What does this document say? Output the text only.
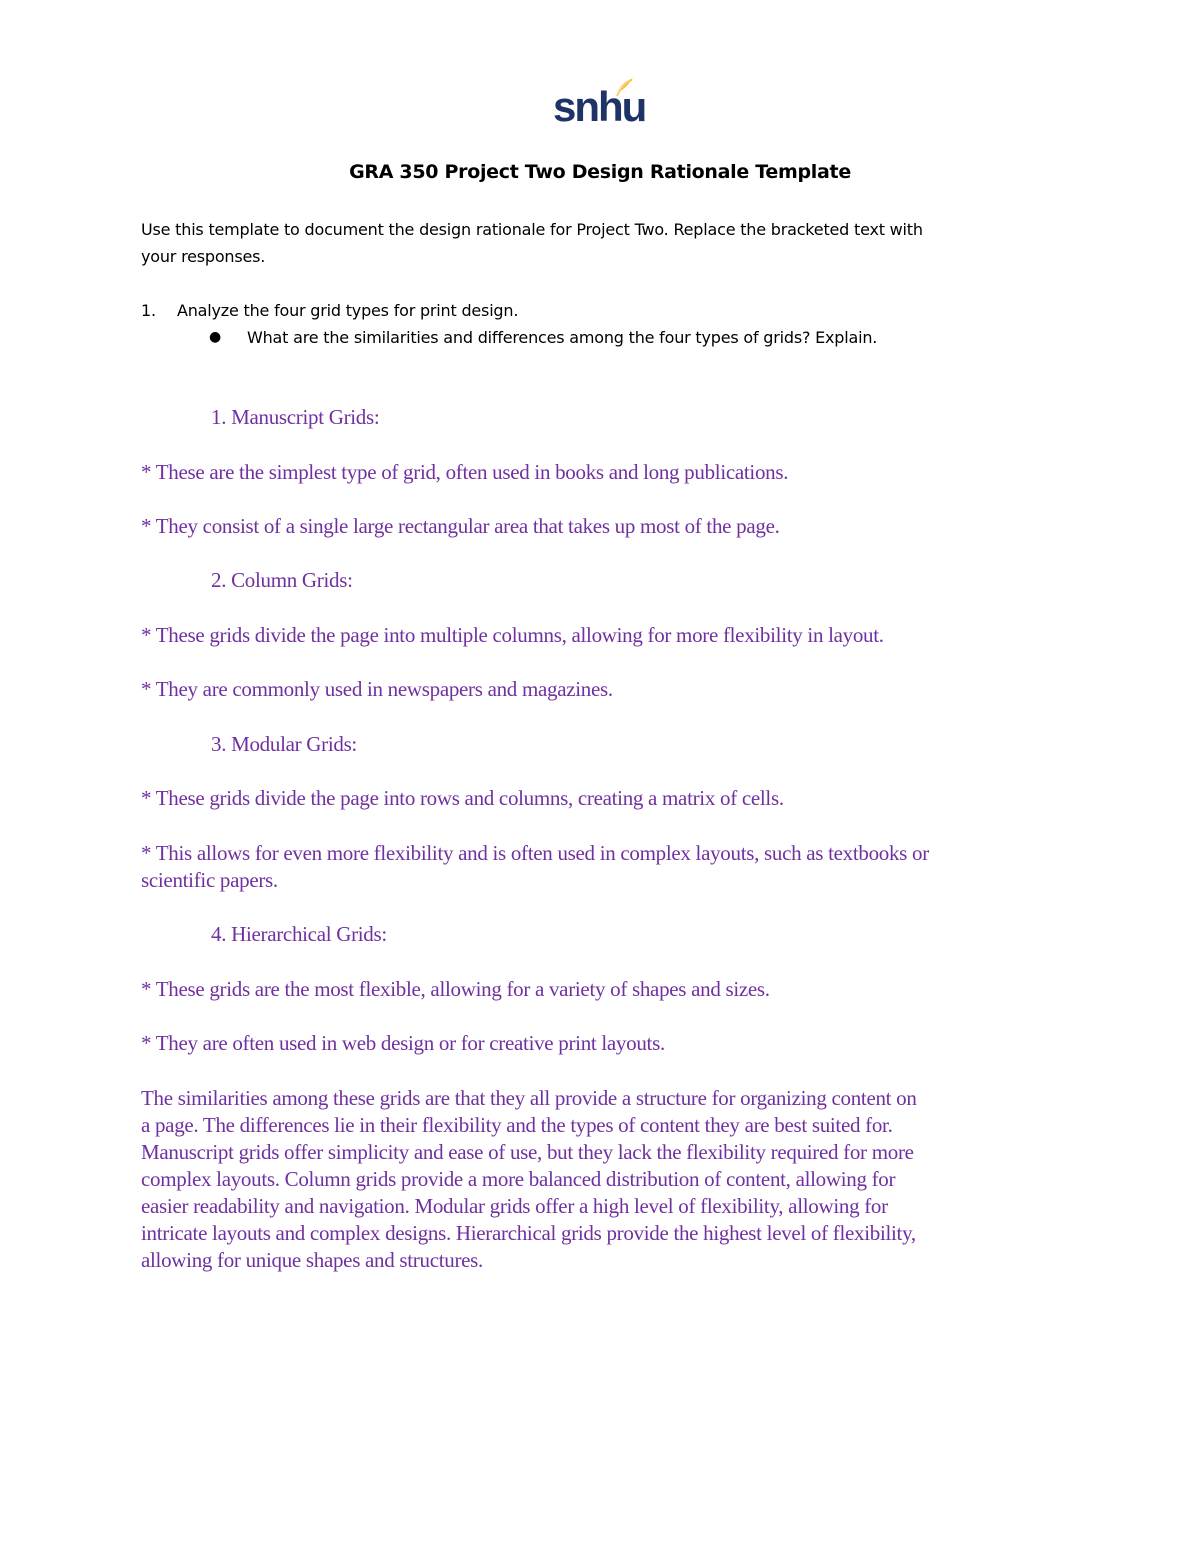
snhu
GRA 350 Project Two Design Rationale Template
Use this template to document the design rationale for Project Two. Replace the bracketed text with
your responses.
1. Analyze the four grid types for print design.
● What are the similarities and differences among the four types of grids? Explain.
1. Manuscript Grids:
* These are the simplest type of grid, often used in books and long publications.
* They consist of a single large rectangular area that takes up most of the page.
2. Column Grids:
* These grids divide the page into multiple columns, allowing for more flexibility in layout.
* They are commonly used in newspapers and magazines.
3. Modular Grids:
* These grids divide the page into rows and columns, creating a matrix of cells.
* This allows for even more flexibility and is often used in complex layouts, such as textbooks or
scientific papers.
4. Hierarchical Grids:
* These grids are the most flexible, allowing for a variety of shapes and sizes.
* They are often used in web design or for creative print layouts.
The similarities among these grids are that they all provide a structure for organizing content on
a page. The differences lie in their flexibility and the types of content they are best suited for.
Manuscript grids offer simplicity and ease of use, but they lack the flexibility required for more
complex layouts. Column grids provide a more balanced distribution of content, allowing for
easier readability and navigation. Modular grids offer a high level of flexibility, allowing for
intricate layouts and complex designs. Hierarchical grids provide the highest level of flexibility,
allowing for unique shapes and structures.
